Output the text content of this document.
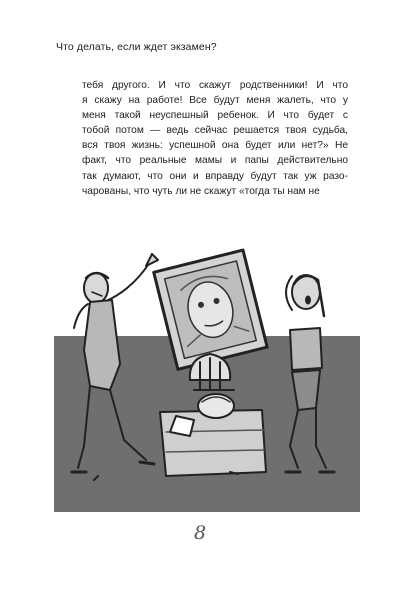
Что делать, если ждет экзамен?

тебя другого. И что скажут родственники! И что
я скажу на работе! Все будут меня жалеть, что у
меня такой неуспешный ребенок. И что будет с
тобой потом — ведь сейчас решается твоя судьба,
вся твоя жизнь: успешной она будет или нет?» Не
факт, что реальные мамы и папы действительно
так думают, что они и вправду будут так уж разо-
чарованы, что чуть ли не скажут «тогда ты нам не

8
